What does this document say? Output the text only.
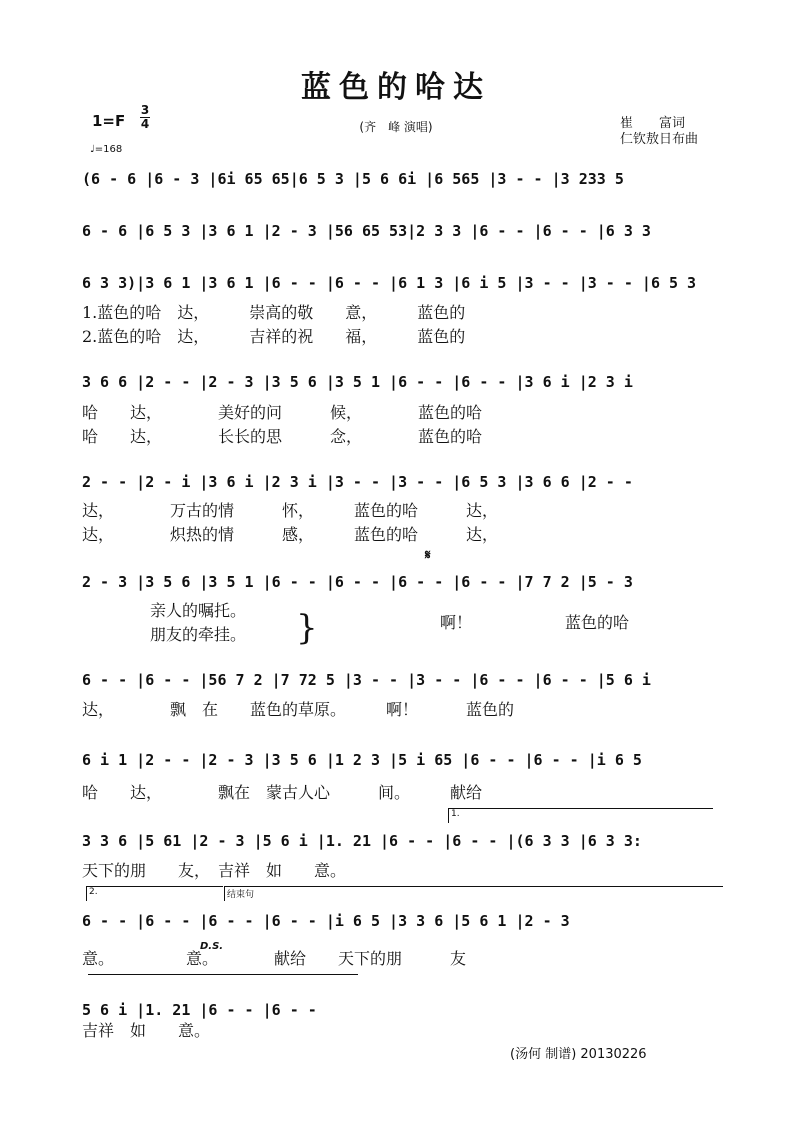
蓝色的哈达
1=F
3
4	(齐　峰 演唱)	崔　　富词
仁钦敖日布曲
♩=168
(6 - 6 |6 - 3 |6i 65 65|6 5 3 |5 6 6i |6 565 |3 - - |3 233 5
6 - 6 |6 5 3 |3 6 1 |2 - 3 |56 65 53|2 3 3 |6 - - |6 - - |6 3 3
6 3 3)|3 6 1 |3 6 1 |6 - - |6 - - |6 1 3 |6 i 5 |3 - - |3 - - |6 5 3
1.蓝色的哈　达，　　　崇高的敬　　意，　　　蓝色的
2.蓝色的哈　达，　　　吉祥的祝　　福，　　　蓝色的
3 6 6 |2 - - |2 - 3 |3 5 6 |3 5 1 |6 - - |6 - - |3 6 i |2 3 i
哈　　达，　　　　美好的问　　　候，　　　　蓝色的哈
哈　　达，　　　　长长的思　　　念，　　　　蓝色的哈
2 - - |2 - i |3 6 i |2 3 i |3 - - |3 - - |6 5 3 |3 6 6 |2 - -
达，　　　　万古的情　　　怀，　　　蓝色的哈　　　达，
达，　　　　炽热的情　　　感，　　　蓝色的哈　　　达，
𝄋
2 - 3 |3 5 6 |3 5 1 |6 - - |6 - - |6 - - |6 - - |7 7 2 |5 - 3
亲人的嘱托。
朋友的牵挂。 }	啊！	蓝色的哈
6 - - |6 - - |56 7 2 |7 72 5 |3 - - |3 - - |6 - - |6 - - |5 6 i
达，　　　　飘　在　　蓝色的草原。　　　啊！　　　蓝色的
6 i 1 |2 - - |2 - 3 |3 5 6 |1 2 3 |5 i 65 |6 - - |6 - - |i 6 5
哈　　达，　　　　飘在　蒙古人心　　　间。　　　献给
1.
3 3 6 |5 61 |2 - 3 |5 6 i |1. 21 |6 - - |6 - - |(6 3 3 |6 3 3:
天下的朋　　友，　吉祥　如　　意。
2.	结束句
6 - - |6 - - |6 - - |6 - - |i 6 5 |3 3 6 |5 6 1 |2 - 3
D.S.
意。　　　　　意。　　　　献给　　天下的朋　　　友
5 6 i |1. 21 |6 - - |6 - -
吉祥　如　　意。
(汤何 制谱) 20130226
